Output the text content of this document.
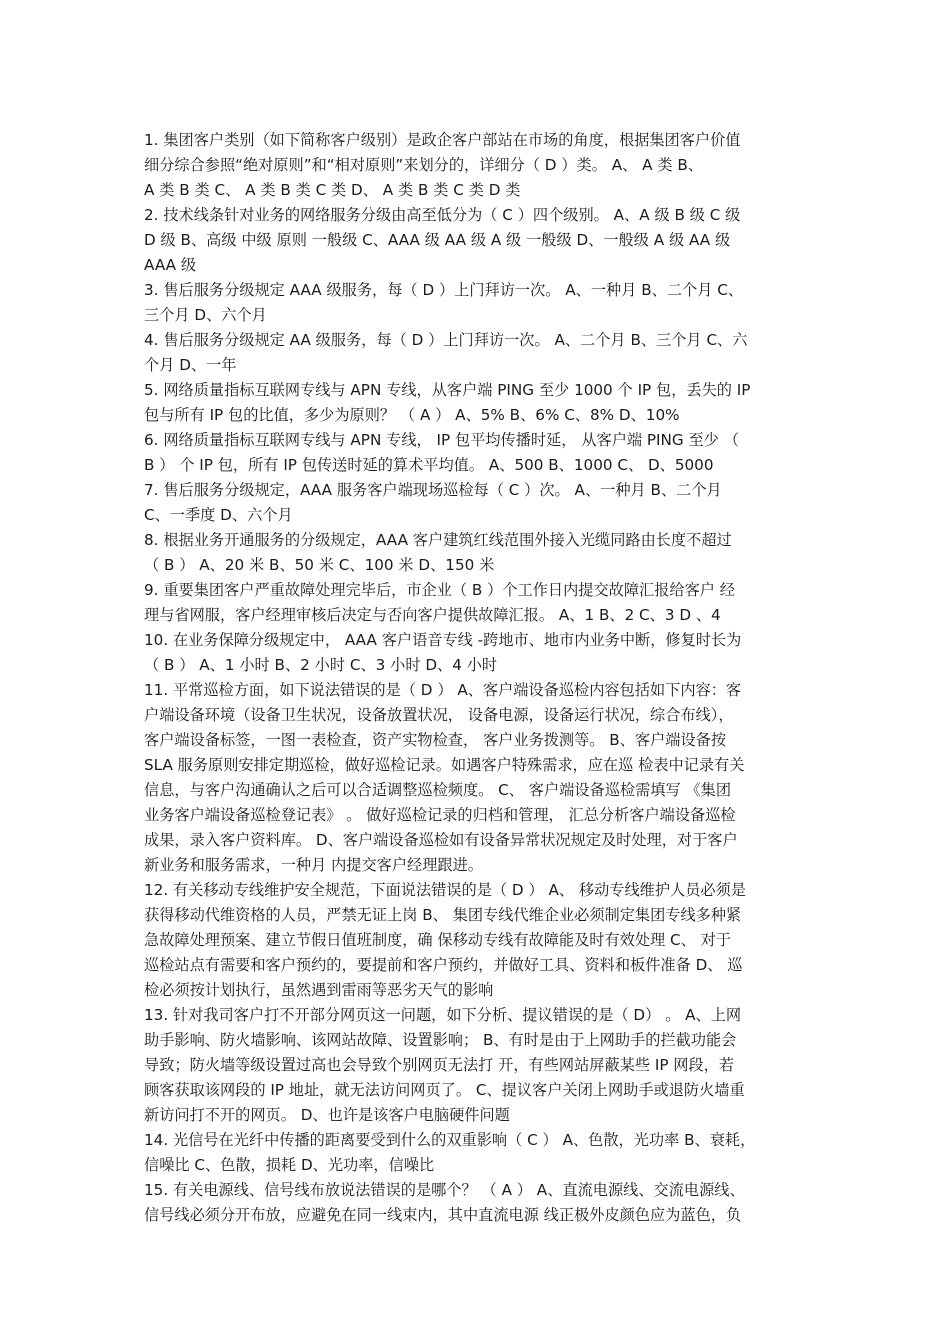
1. 集团客户类别（如下简称客户级别）是政企客户部站在市场的角度，根据集团客户价值
细分综合参照“绝对原则”和“相对原则”来划分的，详细分（ D ）类。 A、 A 类 B、
A 类 B 类 C、 A 类 B 类 C 类 D、 A 类 B 类 C 类 D 类
2. 技术线条针对业务的网络服务分级由高至低分为（ C ）四个级别。 A、A 级 B 级 C 级
D 级 B、高级 中级 原则 一般级 C、AAA 级 AA 级 A 级 一般级 D、一般级 A 级 AA 级
AAA 级
3. 售后服务分级规定 AAA 级服务，每（ D ）上门拜访一次。 A、一种月 B、二个月 C、
三个月 D、六个月
4. 售后服务分级规定 AA 级服务，每（ D ）上门拜访一次。 A、二个月 B、三个月 C、六
个月 D、一年
5. 网络质量指标互联网专线与 APN 专线，从客户端 PING 至少 1000 个 IP 包，丢失的 IP
包与所有 IP 包的比值，多少为原则？ （ A ） A、5% B、6% C、8% D、10%
6. 网络质量指标互联网专线与 APN 专线， IP 包平均传播时延， 从客户端 PING 至少 （
B ） 个 IP 包，所有 IP 包传送时延的算术平均值。 A、500 B、1000 C、 D、5000
7. 售后服务分级规定，AAA 服务客户端现场巡检每（ C ）次。 A、一种月 B、二个月
C、一季度 D、六个月
8. 根据业务开通服务的分级规定，AAA 客户建筑红线范围外接入光缆同路由长度不超过
（ B ） A、20 米 B、50 米 C、100 米 D、150 米
9. 重要集团客户严重故障处理完毕后，市企业（ B ）个工作日内提交故障汇报给客户 经
理与省网服，客户经理审核后决定与否向客户提供故障汇报。 A、1 B、2 C、3 D 、4
10. 在业务保障分级规定中， AAA 客户语音专线 -跨地市、地市内业务中断，修复时长为
（ B ） A、1 小时 B、2 小时 C、3 小时 D、4 小时
11. 平常巡检方面，如下说法错误的是（ D ） A、客户端设备巡检内容包括如下内容：客
户端设备环境（设备卫生状况，设备放置状况， 设备电源，设备运行状况，综合布线），
客户端设备标签，一图一表检查，资产实物检查， 客户业务拨测等。 B、客户端设备按
SLA 服务原则安排定期巡检，做好巡检记录。如遇客户特殊需求，应在巡 检表中记录有关
信息，与客户沟通确认之后可以合适调整巡检频度。 C、 客户端设备巡检需填写 《集团
业务客户端设备巡检登记表》 。 做好巡检记录的归档和管理， 汇总分析客户端设备巡检
成果，录入客户资料库。 D、客户端设备巡检如有设备异常状况规定及时处理，对于客户
新业务和服务需求，一种月 内提交客户经理跟进。
12. 有关移动专线维护安全规范，下面说法错误的是（ D ） A、 移动专线维护人员必须是
获得移动代维资格的人员，严禁无证上岗 B、 集团专线代维企业必须制定集团专线多种紧
急故障处理预案、建立节假日值班制度，确 保移动专线有故障能及时有效处理 C、 对于
巡检站点有需要和客户预约的，要提前和客户预约，并做好工具、资料和板件准备 D、 巡
检必须按计划执行，虽然遇到雷雨等恶劣天气的影响
13. 针对我司客户打不开部分网页这一问题，如下分析、提议错误的是（ D） 。 A、上网
助手影响、防火墙影响、该网站故障、设置影响； B、有时是由于上网助手的拦截功能会
导致；防火墙等级设置过高也会导致个别网页无法打 开，有些网站屏蔽某些 IP 网段，若
顾客获取该网段的 IP 地址，就无法访问网页了。 C、提议客户关闭上网助手或退防火墙重
新访问打不开的网页。 D、也许是该客户电脑硬件问题
14. 光信号在光纤中传播的距离要受到什么的双重影响（ C ） A、色散，光功率 B、衰耗，
信噪比 C、色散，损耗 D、光功率，信噪比
15. 有关电源线、信号线布放说法错误的是哪个？ （ A ） A、直流电源线、交流电源线、
信号线必须分开布放，应避免在同一线束内，其中直流电源 线正极外皮颜色应为蓝色，负
